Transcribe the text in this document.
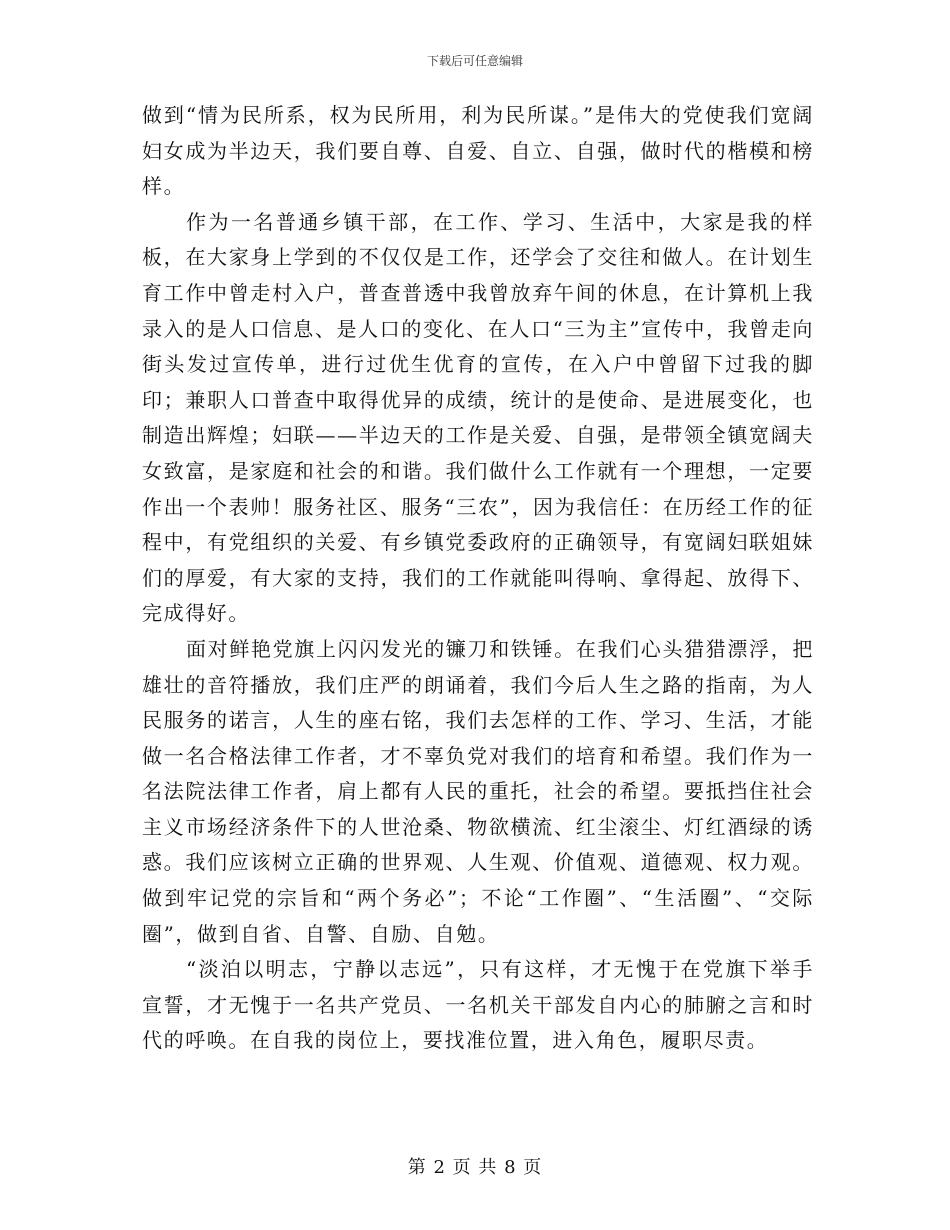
下载后可任意编辑

做到“情为民所系，权为民所用，利为民所谋。”是伟大的党使我们宽阔妇女成为半边天，我们要自尊、自爱、自立、自强，做时代的楷模和榜样。

作为一名普通乡镇干部，在工作、学习、生活中，大家是我的样板，在大家身上学到的不仅仅是工作，还学会了交往和做人。在计划生育工作中曾走村入户，普查普透中我曾放弃午间的休息，在计算机上我录入的是人口信息、是人口的变化、在人口“三为主”宣传中，我曾走向街头发过宣传单，进行过优生优育的宣传，在入户中曾留下过我的脚印；兼职人口普查中取得优异的成绩，统计的是使命、是进展变化，也制造出辉煌；妇联——半边天的工作是关爱、自强，是带领全镇宽阔夫女致富，是家庭和社会的和谐。我们做什么工作就有一个理想，一定要作出一个表帅！服务社区、服务“三农”，因为我信任：在历经工作的征程中，有党组织的关爱、有乡镇党委政府的正确领导，有宽阔妇联姐妹们的厚爱，有大家的支持，我们的工作就能叫得响、拿得起、放得下、完成得好。

面对鲜艳党旗上闪闪发光的镰刀和铁锤。在我们心头猎猎漂浮，把雄壮的音符播放，我们庄严的朗诵着，我们今后人生之路的指南，为人民服务的诺言，人生的座右铭，我们去怎样的工作、学习、生活，才能做一名合格法律工作者，才不辜负党对我们的培育和希望。我们作为一名法院法律工作者，肩上都有人民的重托，社会的希望。要抵挡住社会主义市场经济条件下的人世沧桑、物欲横流、红尘滚尘、灯红酒绿的诱惑。我们应该树立正确的世界观、人生观、价值观、道德观、权力观。做到牢记党的宗旨和“两个务必”；不论“工作圈”、“生活圈”、“交际圈”，做到自省、自警、自励、自勉。

“淡泊以明志，宁静以志远”，只有这样，才无愧于在党旗下举手宣誓，才无愧于一名共产党员、一名机关干部发自内心的肺腑之言和时代的呼唤。在自我的岗位上，要找准位置，进入角色，履职尽责。

第 2 页 共 8 页
